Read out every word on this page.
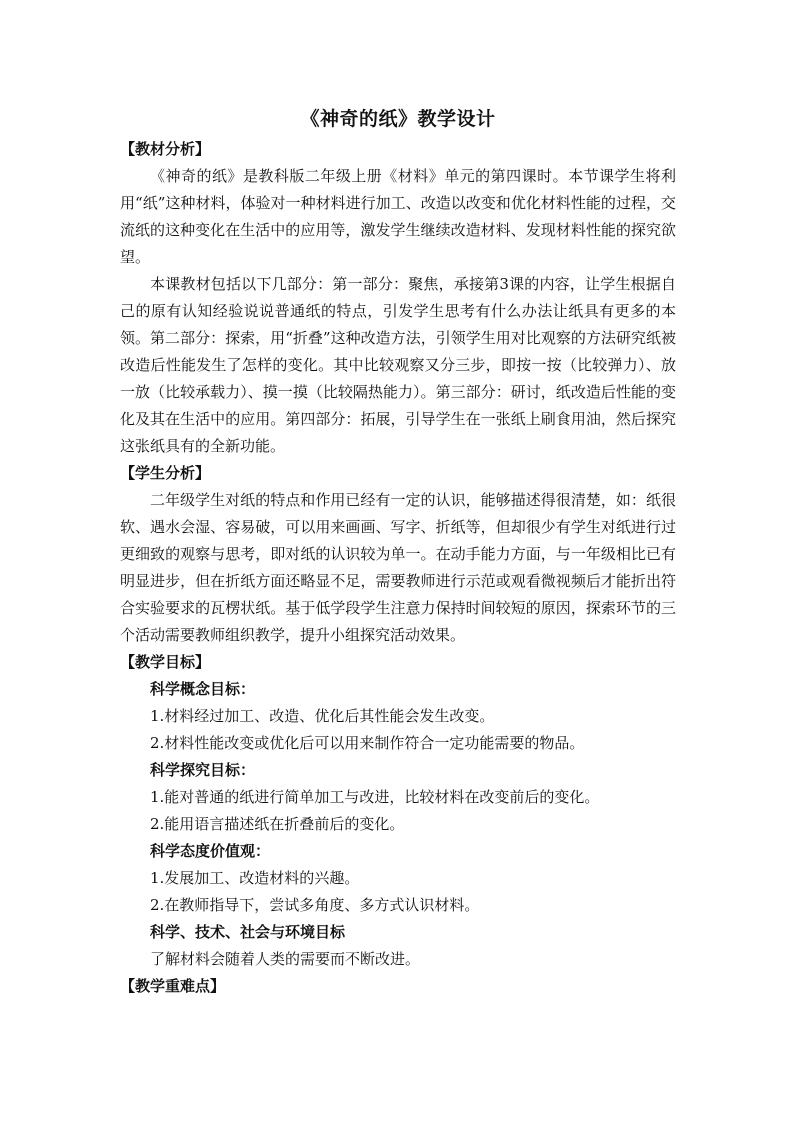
《神奇的纸》教学设计

【教材分析】

《神奇的纸》是教科版二年级上册《材料》单元的第四课时。本节课学生将利用“纸”这种材料，体验对一种材料进行加工、改造以改变和优化材料性能的过程，交流纸的这种变化在生活中的应用等，激发学生继续改造材料、发现材料性能的探究欲望。

本课教材包括以下几部分：第一部分：聚焦，承接第3课的内容，让学生根据自己的原有认知经验说说普通纸的特点，引发学生思考有什么办法让纸具有更多的本领。第二部分：探索，用“折叠”这种改造方法，引领学生用对比观察的方法研究纸被改造后性能发生了怎样的变化。其中比较观察又分三步，即按一按（比较弹力）、放一放（比较承载力）、摸一摸（比较隔热能力）。第三部分：研讨，纸改造后性能的变化及其在生活中的应用。第四部分：拓展，引导学生在一张纸上刷食用油，然后探究这张纸具有的全新功能。

【学生分析】

二年级学生对纸的特点和作用已经有一定的认识，能够描述得很清楚，如：纸很软、遇水会湿、容易破，可以用来画画、写字、折纸等，但却很少有学生对纸进行过更细致的观察与思考，即对纸的认识较为单一。在动手能力方面，与一年级相比已有明显进步，但在折纸方面还略显不足，需要教师进行示范或观看微视频后才能折出符合实验要求的瓦楞状纸。基于低学段学生注意力保持时间较短的原因，探索环节的三个活动需要教师组织教学，提升小组探究活动效果。

【教学目标】

科学概念目标：

1.材料经过加工、改造、优化后其性能会发生改变。

2.材料性能改变或优化后可以用来制作符合一定功能需要的物品。

科学探究目标：

1.能对普通的纸进行简单加工与改进，比较材料在改变前后的变化。

2.能用语言描述纸在折叠前后的变化。

科学态度价值观：

1.发展加工、改造材料的兴趣。

2.在教师指导下，尝试多角度、多方式认识材料。

科学、技术、社会与环境目标

了解材料会随着人类的需要而不断改进。

【教学重难点】
